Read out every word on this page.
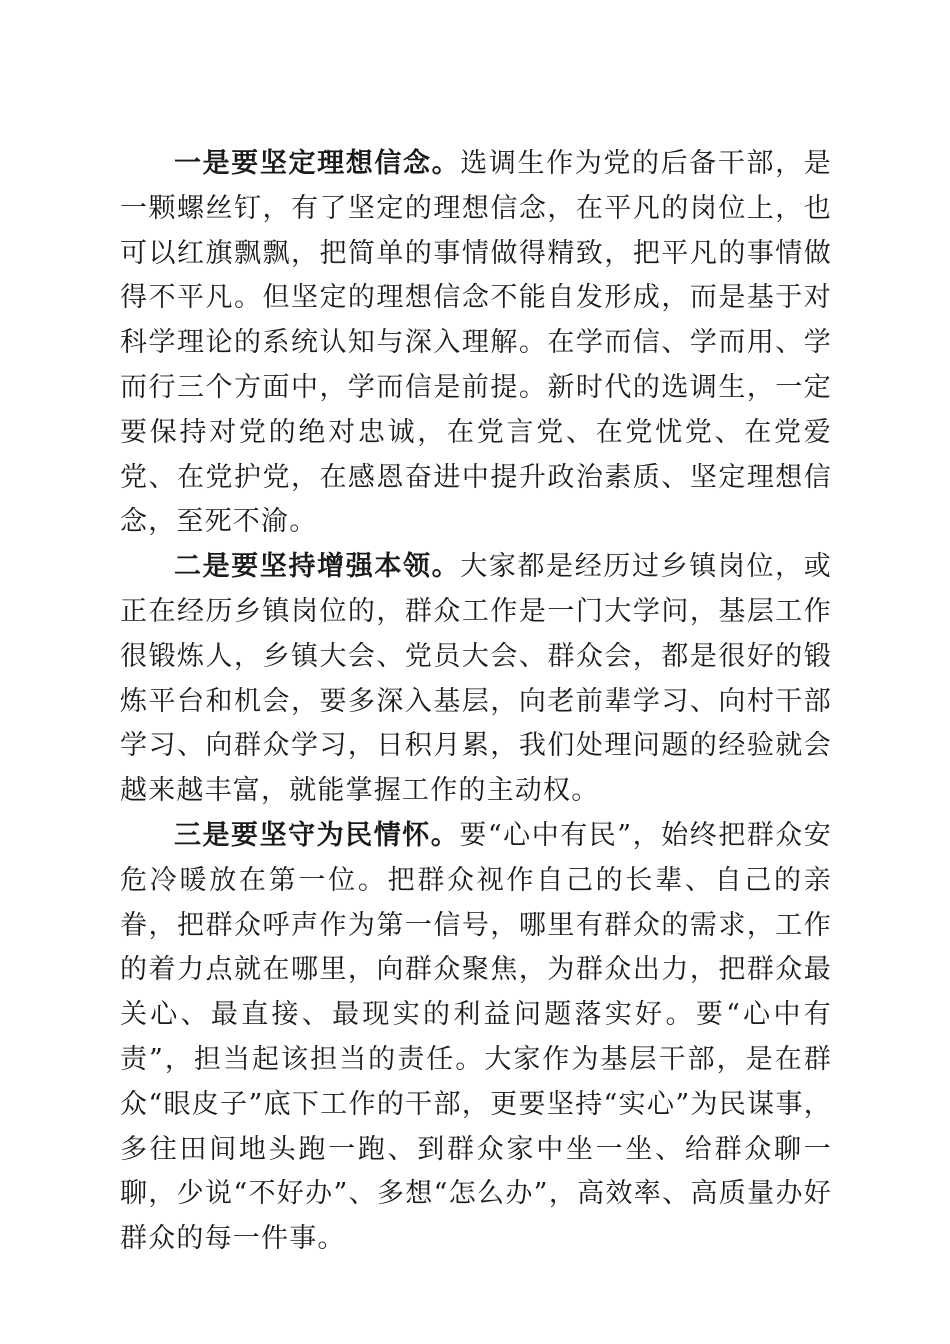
一是要坚定理想信念。选调生作为党的后备干部，是一颗螺丝钉，有了坚定的理想信念，在平凡的岗位上，也可以红旗飘飘，把简单的事情做得精致，把平凡的事情做得不平凡。但坚定的理想信念不能自发形成，而是基于对科学理论的系统认知与深入理解。在学而信、学而用、学而行三个方面中，学而信是前提。新时代的选调生，一定要保持对党的绝对忠诚，在党言党、在党忧党、在党爱党、在党护党，在感恩奋进中提升政治素质、坚定理想信念，至死不渝。

二是要坚持增强本领。大家都是经历过乡镇岗位，或正在经历乡镇岗位的，群众工作是一门大学问，基层工作很锻炼人，乡镇大会、党员大会、群众会，都是很好的锻炼平台和机会，要多深入基层，向老前辈学习、向村干部学习、向群众学习，日积月累，我们处理问题的经验就会越来越丰富，就能掌握工作的主动权。

三是要坚守为民情怀。要“心中有民”，始终把群众安危冷暖放在第一位。把群众视作自己的长辈、自己的亲眷，把群众呼声作为第一信号，哪里有群众的需求，工作的着力点就在哪里，向群众聚焦，为群众出力，把群众最关心、最直接、最现实的利益问题落实好。要“心中有责”，担当起该担当的责任。大家作为基层干部，是在群众“眼皮子”底下工作的干部，更要坚持“实心”为民谋事，多往田间地头跑一跑、到群众家中坐一坐、给群众聊一聊，少说“不好办”、多想“怎么办”，高效率、高质量办好群众的每一件事。
